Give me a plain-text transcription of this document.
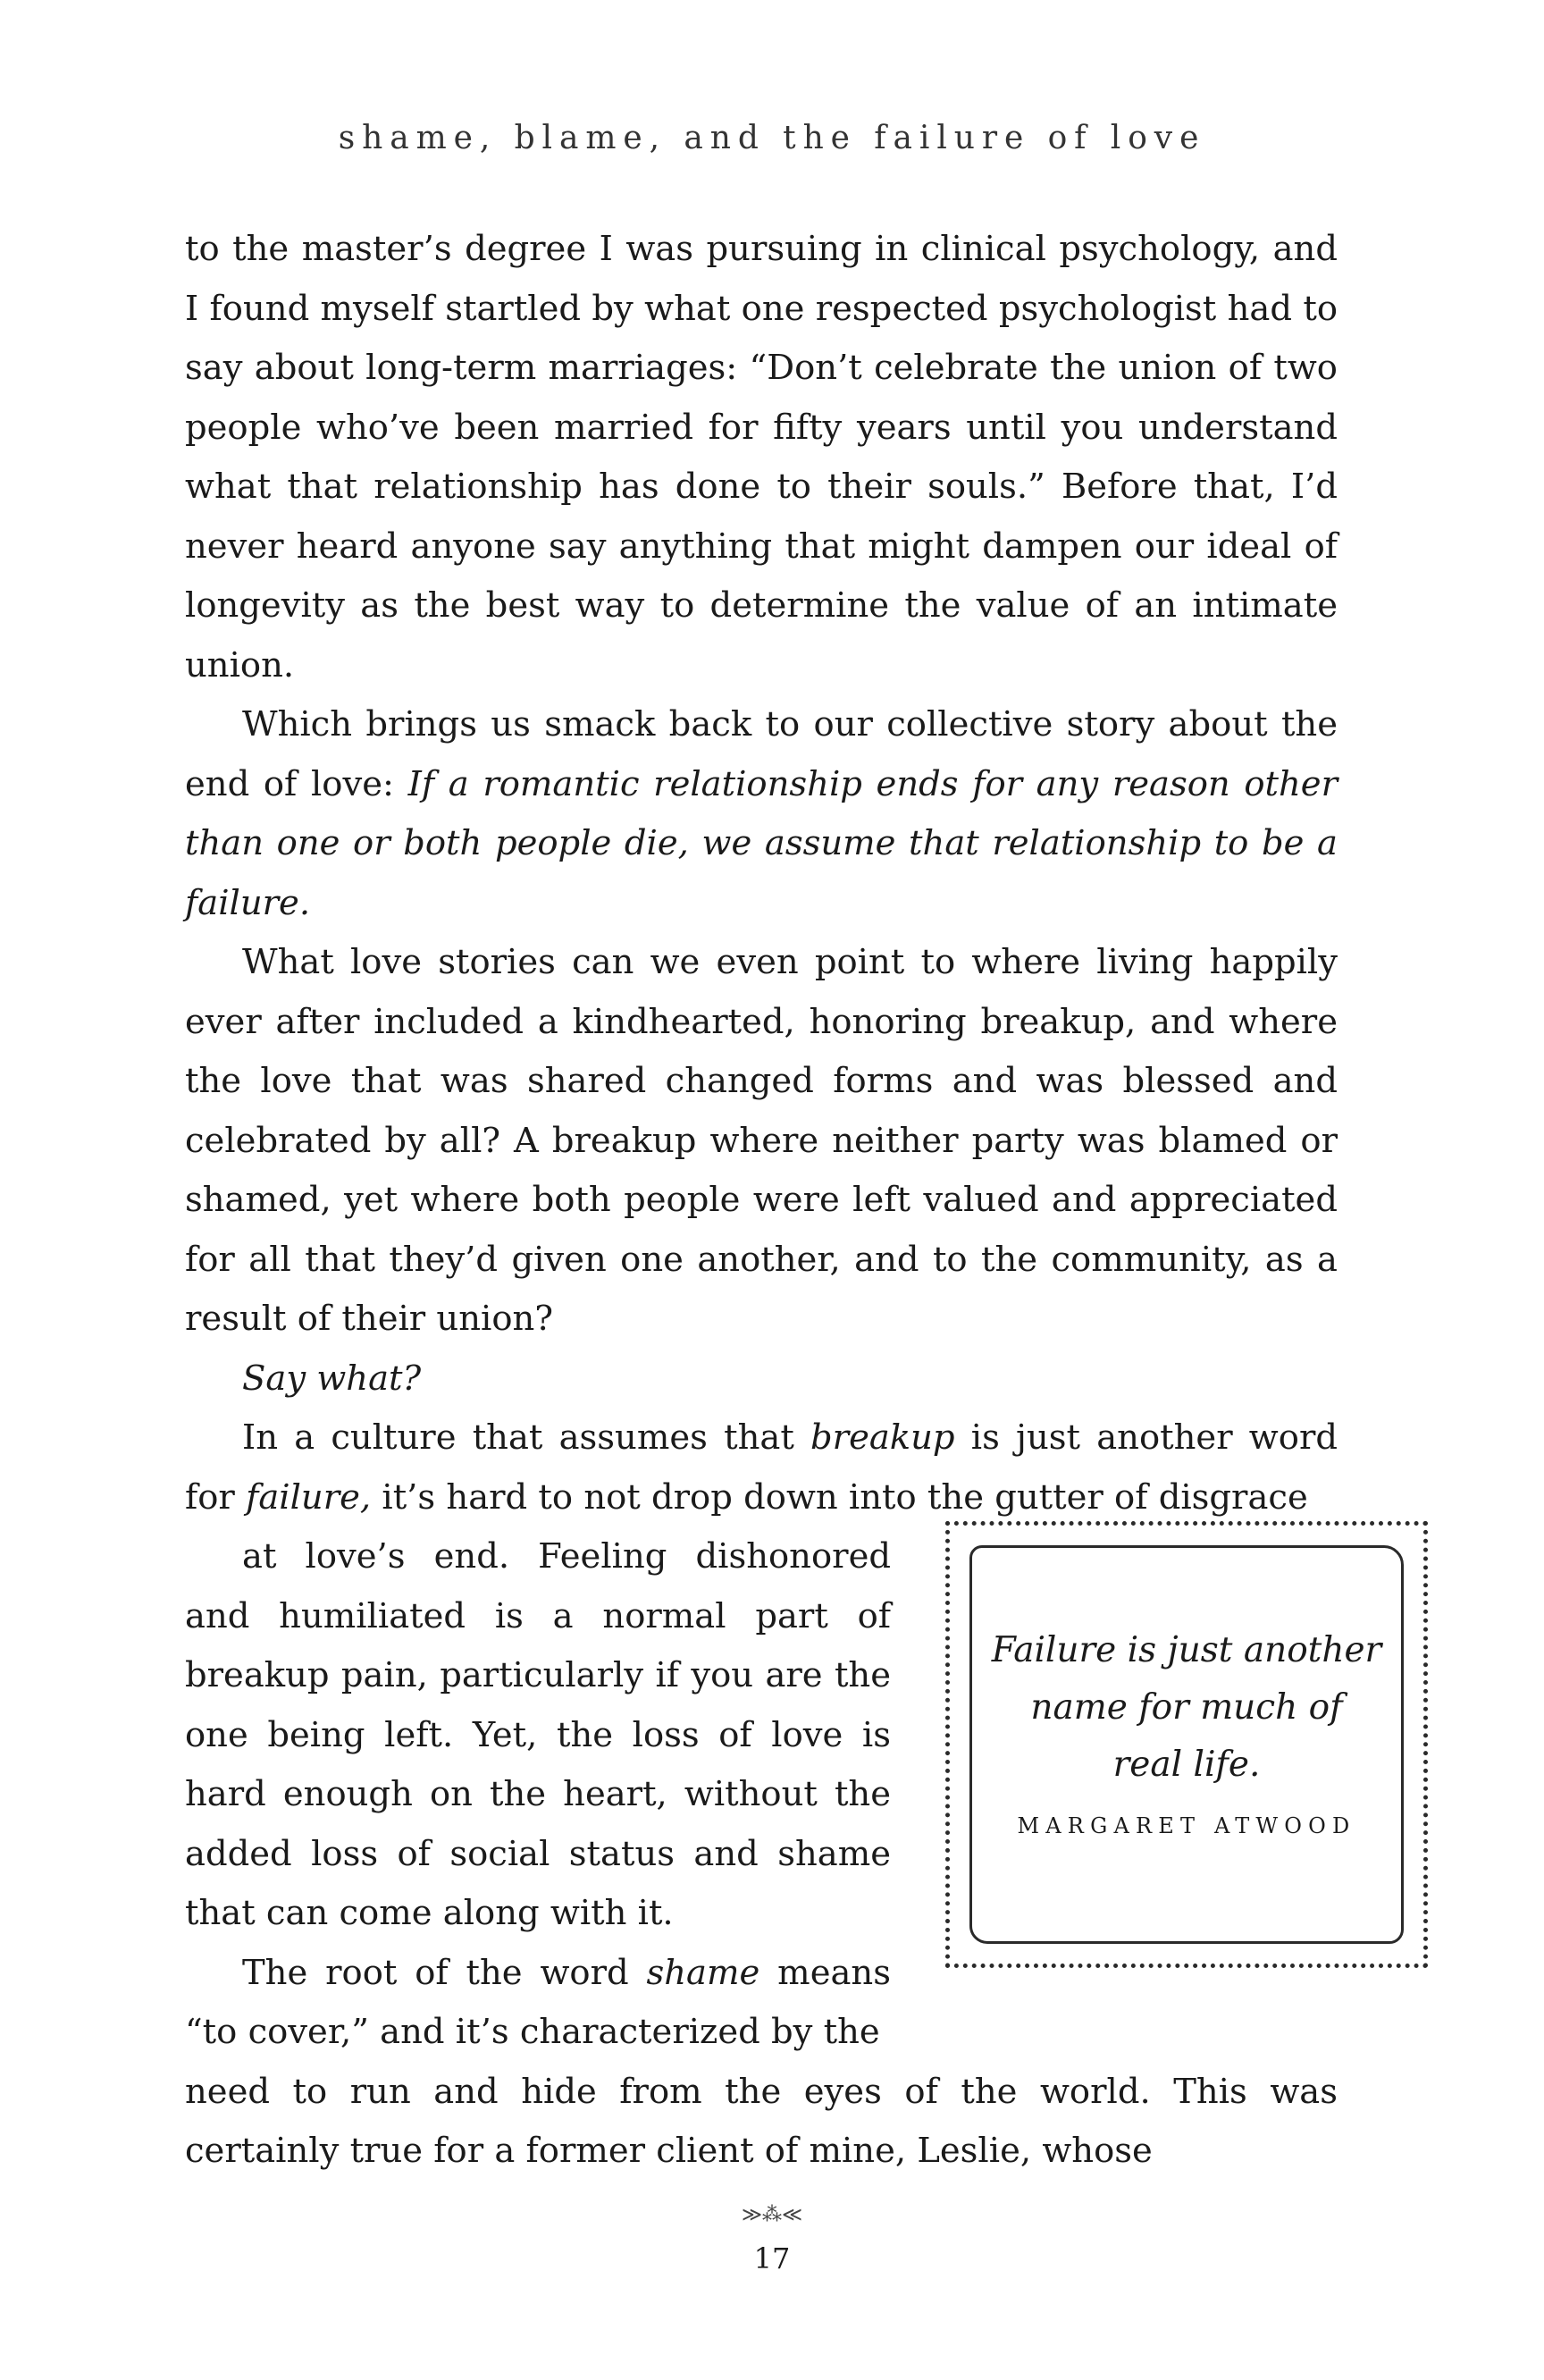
shame, blame, and the failure of love

to the master’s degree I was pursuing in clinical psychology, and I found myself startled by what one respected psychologist had to say about long-term marriages: “Don’t celebrate the union of two people who’ve been married for fifty years until you understand what that relationship has done to their souls.” Before that, I’d never heard anyone say anything that might dampen our ideal of longevity as the best way to determine the value of an intimate union.

Which brings us smack back to our collective story about the end of love: If a romantic relationship ends for any reason other than one or both people die, we assume that relationship to be a failure.

What love stories can we even point to where living happily ever after included a kindhearted, honoring breakup, and where the love that was shared changed forms and was blessed and celebrated by all? A breakup where neither party was blamed or shamed, yet where both people were left valued and appreciated for all that they’d given one another, and to the community, as a result of their union?

Say what?

In a culture that assumes that breakup is just another word for failure, it’s hard to not drop down into the gutter of disgrace
at love’s end. Feeling dishonored and humiliated is a normal part of breakup pain, particularly if you are the one being left. Yet, the loss of love is hard enough on the heart, without the added loss of social status and shame that can come along with it.

The root of the word shame means “to cover,” and it’s characterized by the
need to run and hide from the eyes of the world. This was certainly true for a former client of mine, Leslie, whose

Failure is just another
name for much of
real life.
MARGARET ATWOOD
≫⁂≪
17
